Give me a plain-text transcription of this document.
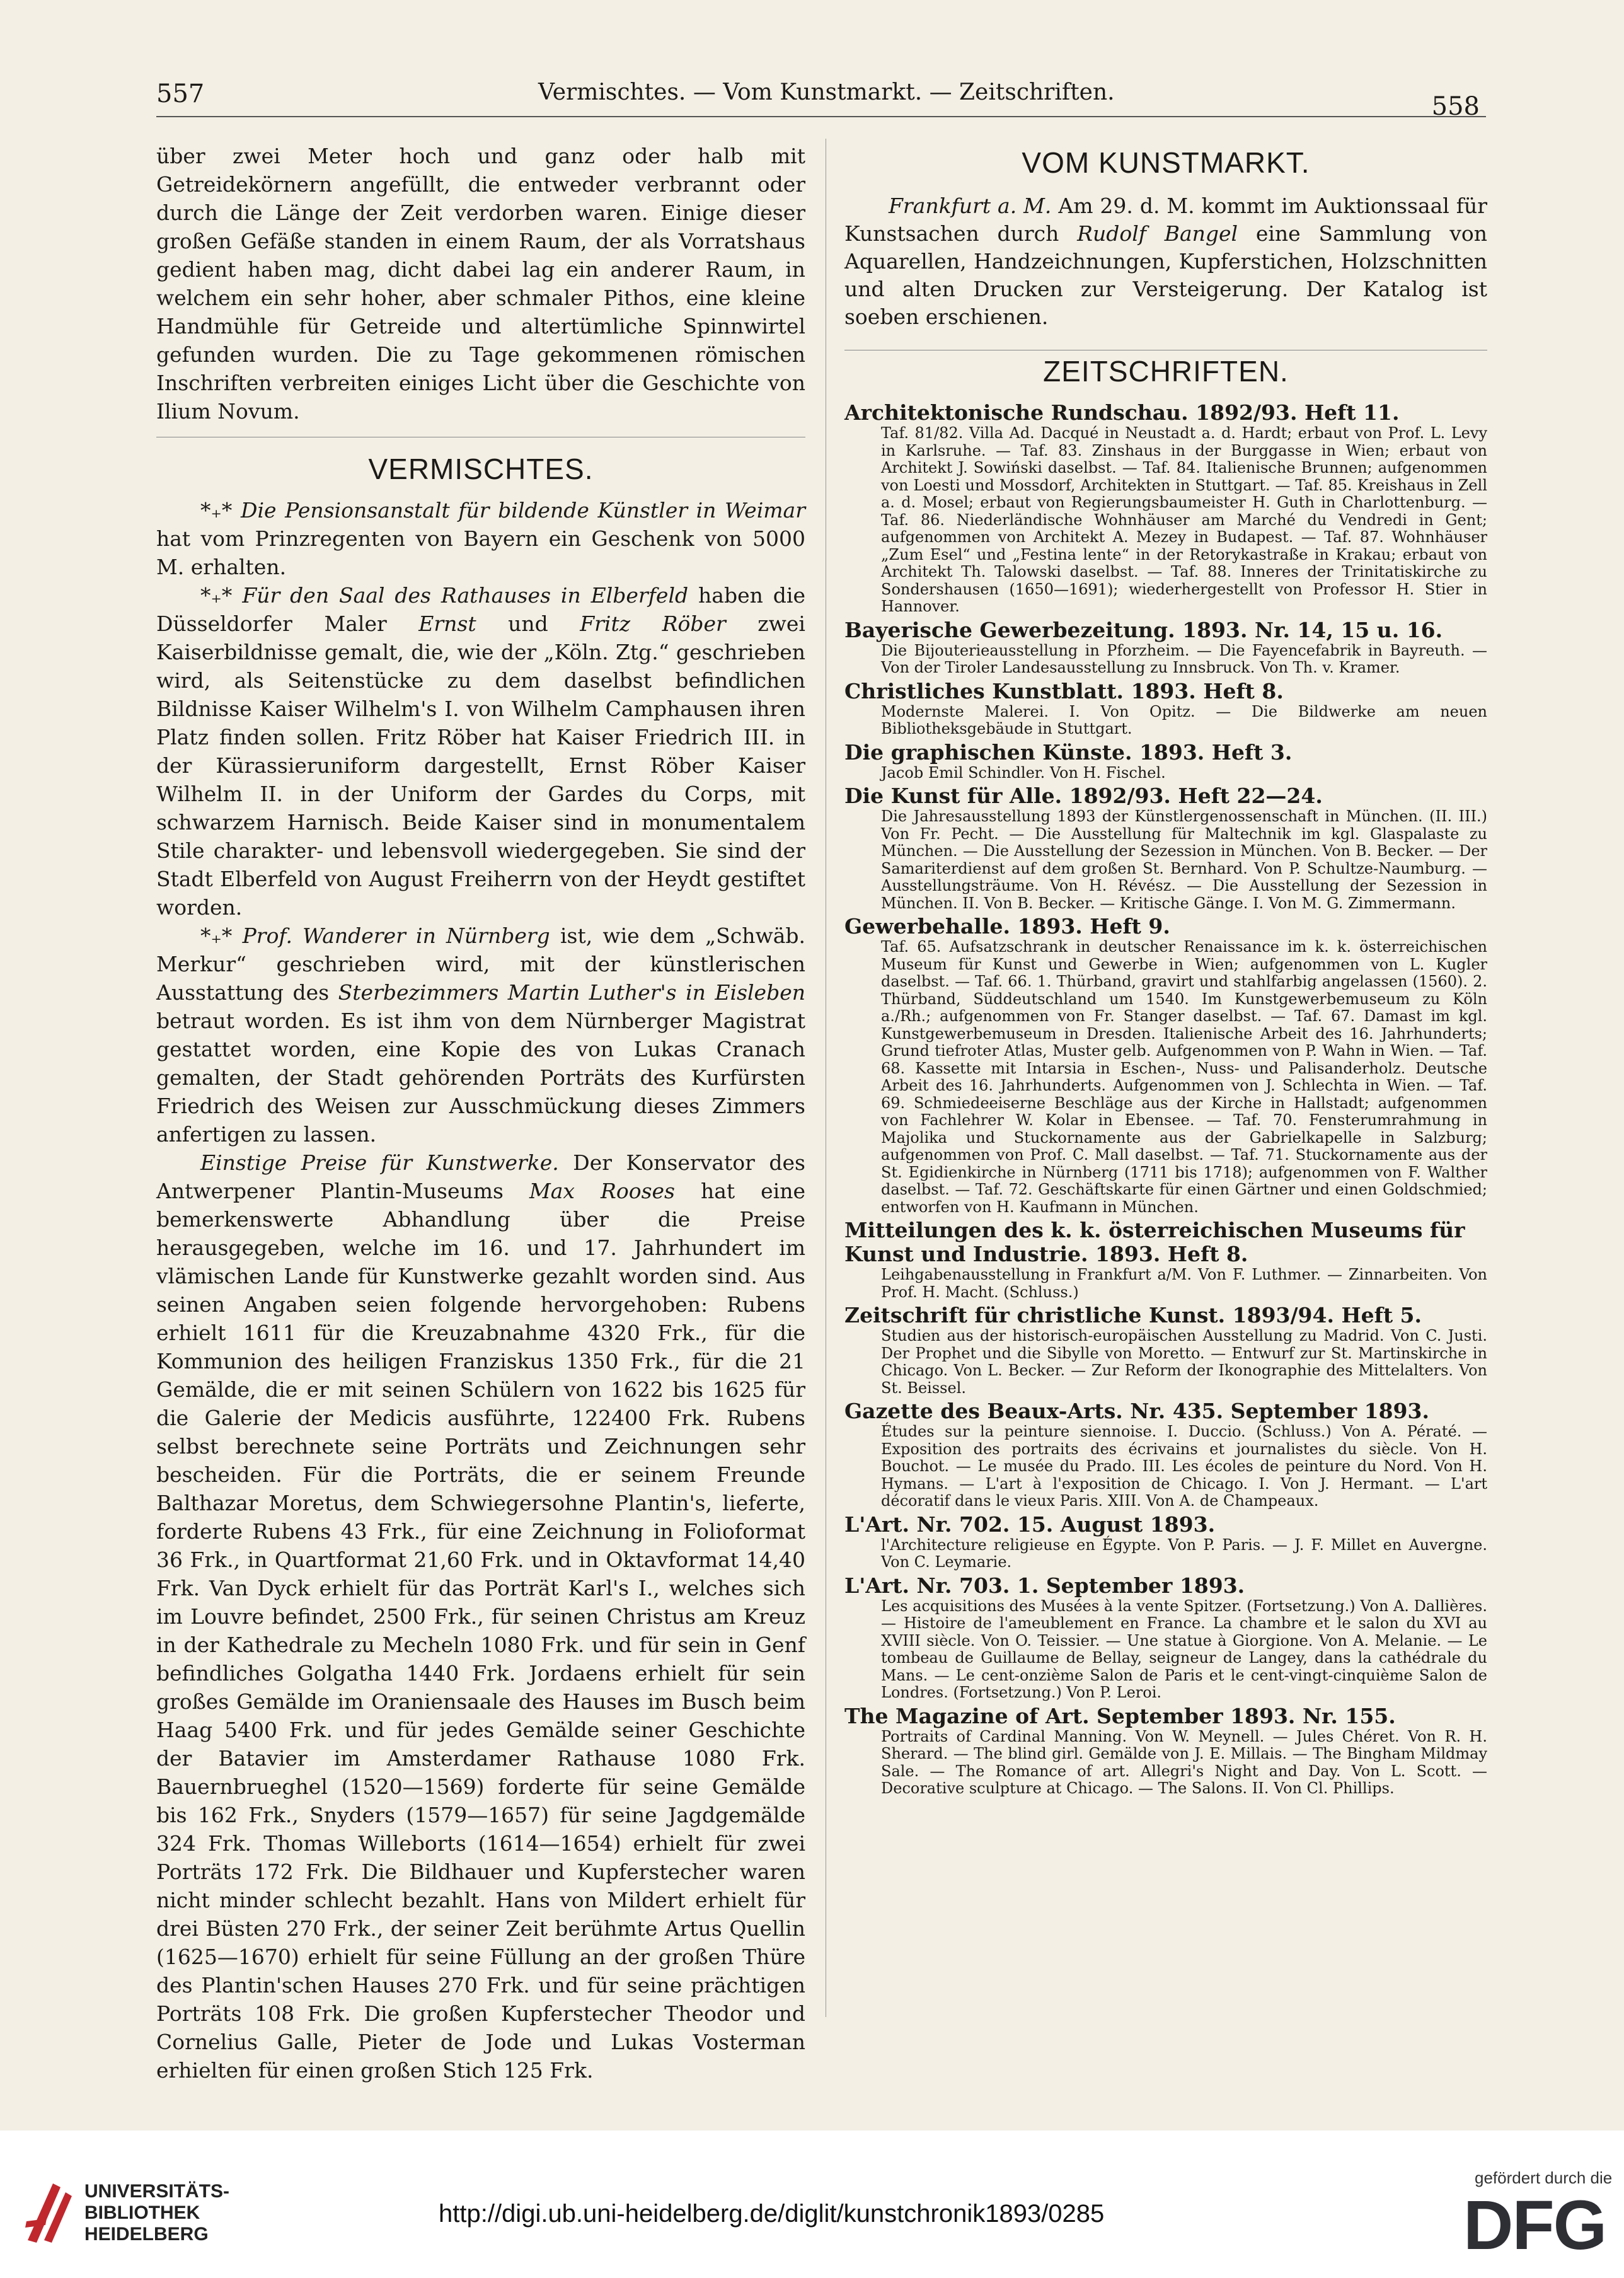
557	Vermischtes. — Vom Kunstmarkt. — Zeitschriften.	558

über zwei Meter hoch und ganz oder halb mit Getreidekörnern angefüllt, die entweder verbrannt oder durch die Länge der Zeit verdorben waren. Einige dieser großen Gefäße standen in einem Raum, der als Vorratshaus gedient haben mag, dicht dabei lag ein anderer Raum, in welchem ein sehr hoher, aber schmaler Pithos, eine kleine Handmühle für Getreide und altertümliche Spinnwirtel gefunden wurden. Die zu Tage gekommenen römischen Inschriften verbreiten einiges Licht über die Geschichte von Ilium Novum.

VERMISCHTES.

*₊* Die Pensionsanstalt für bildende Künstler in Weimar hat vom Prinzregenten von Bayern ein Geschenk von 5000 M. erhalten.

*₊* Für den Saal des Rathauses in Elberfeld haben die Düsseldorfer Maler Ernst und Fritz Röber zwei Kaiserbildnisse gemalt, die, wie der „Köln. Ztg.“ geschrieben wird, als Seitenstücke zu dem daselbst befindlichen Bildnisse Kaiser Wilhelm's I. von Wilhelm Camphausen ihren Platz finden sollen. Fritz Röber hat Kaiser Friedrich III. in der Kürassieruniform dargestellt, Ernst Röber Kaiser Wilhelm II. in der Uniform der Gardes du Corps, mit schwarzem Harnisch. Beide Kaiser sind in monumentalem Stile charakter- und lebensvoll wiedergegeben. Sie sind der Stadt Elberfeld von August Freiherrn von der Heydt gestiftet worden.

*₊* Prof. Wanderer in Nürnberg ist, wie dem „Schwäb. Merkur“ geschrieben wird, mit der künstlerischen Ausstattung des Sterbezimmers Martin Luther's in Eisleben betraut worden. Es ist ihm von dem Nürnberger Magistrat gestattet worden, eine Kopie des von Lukas Cranach gemalten, der Stadt gehörenden Porträts des Kurfürsten Friedrich des Weisen zur Ausschmückung dieses Zimmers anfertigen zu lassen.

Einstige Preise für Kunstwerke. Der Konservator des Antwerpener Plantin-Museums Max Rooses hat eine bemerkenswerte Abhandlung über die Preise herausgegeben, welche im 16. und 17. Jahrhundert im vlämischen Lande für Kunstwerke gezahlt worden sind. Aus seinen Angaben seien folgende hervorgehoben: Rubens erhielt 1611 für die Kreuzabnahme 4320 Frk., für die Kommunion des heiligen Franziskus 1350 Frk., für die 21 Gemälde, die er mit seinen Schülern von 1622 bis 1625 für die Galerie der Medicis ausführte, 122400 Frk. Rubens selbst berechnete seine Porträts und Zeichnungen sehr bescheiden. Für die Porträts, die er seinem Freunde Balthazar Moretus, dem Schwiegersohne Plantin's, lieferte, forderte Rubens 43 Frk., für eine Zeichnung in Folioformat 36 Frk., in Quartformat 21,60 Frk. und in Oktavformat 14,40 Frk. Van Dyck erhielt für das Porträt Karl's I., welches sich im Louvre befindet, 2500 Frk., für seinen Christus am Kreuz in der Kathedrale zu Mecheln 1080 Frk. und für sein in Genf befindliches Golgatha 1440 Frk. Jordaens erhielt für sein großes Gemälde im Oraniensaale des Hauses im Busch beim Haag 5400 Frk. und für jedes Gemälde seiner Geschichte der Batavier im Amsterdamer Rathause 1080 Frk. Bauernbrueghel (1520—1569) forderte für seine Gemälde bis 162 Frk., Snyders (1579—1657) für seine Jagdgemälde 324 Frk. Thomas Willeborts (1614—1654) erhielt für zwei Porträts 172 Frk. Die Bildhauer und Kupferstecher waren nicht minder schlecht bezahlt. Hans von Mildert erhielt für drei Büsten 270 Frk., der seiner Zeit berühmte Artus Quellin (1625—1670) erhielt für seine Füllung an der großen Thüre des Plantin'schen Hauses 270 Frk. und für seine prächtigen Porträts 108 Frk. Die großen Kupferstecher Theodor und Cornelius Galle, Pieter de Jode und Lukas Vosterman erhielten für einen großen Stich 125 Frk.

VOM KUNSTMARKT.

Frankfurt a. M. Am 29. d. M. kommt im Auktionssaal für Kunstsachen durch Rudolf Bangel eine Sammlung von Aquarellen, Handzeichnungen, Kupferstichen, Holzschnitten und alten Drucken zur Versteigerung. Der Katalog ist soeben erschienen.

ZEITSCHRIFTEN.

Architektonische Rundschau. 1892/93. Heft 11.

Taf. 81/82. Villa Ad. Dacqué in Neustadt a. d. Hardt; erbaut von Prof. L. Levy in Karlsruhe. — Taf. 83. Zinshaus in der Burggasse in Wien; erbaut von Architekt J. Sowiński daselbst. — Taf. 84. Italienische Brunnen; aufgenommen von Loesti und Mossdorf, Architekten in Stuttgart. — Taf. 85. Kreishaus in Zell a. d. Mosel; erbaut von Regierungsbaumeister H. Guth in Charlottenburg. — Taf. 86. Niederländische Wohnhäuser am Marché du Vendredi in Gent; aufgenommen von Architekt A. Mezey in Budapest. — Taf. 87. Wohnhäuser „Zum Esel“ und „Festina lente“ in der Retorykastraße in Krakau; erbaut von Architekt Th. Talowski daselbst. — Taf. 88. Inneres der Trinitatiskirche zu Sondershausen (1650—1691); wiederhergestellt von Professor H. Stier in Hannover.

Bayerische Gewerbezeitung. 1893. Nr. 14, 15 u. 16.

Die Bijouterieausstellung in Pforzheim. — Die Fayencefabrik in Bayreuth. — Von der Tiroler Landesausstellung zu Innsbruck. Von Th. v. Kramer.

Christliches Kunstblatt. 1893. Heft 8.

Modernste Malerei. I. Von Opitz. — Die Bildwerke am neuen Bibliotheksgebäude in Stuttgart.

Die graphischen Künste. 1893. Heft 3.

Jacob Emil Schindler. Von H. Fischel.

Die Kunst für Alle. 1892/93. Heft 22—24.

Die Jahresausstellung 1893 der Künstlergenossenschaft in München. (II. III.) Von Fr. Pecht. — Die Ausstellung für Maltechnik im kgl. Glaspalaste zu München. — Die Ausstellung der Sezession in München. Von B. Becker. — Der Samariterdienst auf dem großen St. Bernhard. Von P. Schultze-Naumburg. — Ausstellungsträume. Von H. Révész. — Die Ausstellung der Sezession in München. II. Von B. Becker. — Kritische Gänge. I. Von M. G. Zimmermann.

Gewerbehalle. 1893. Heft 9.

Taf. 65. Aufsatzschrank in deutscher Renaissance im k. k. österreichischen Museum für Kunst und Gewerbe in Wien; aufgenommen von L. Kugler daselbst. — Taf. 66. 1. Thürband, gravirt und stahlfarbig angelassen (1560). 2. Thürband, Süddeutschland um 1540. Im Kunstgewerbemuseum zu Köln a./Rh.; aufgenommen von Fr. Stanger daselbst. — Taf. 67. Damast im kgl. Kunstgewerbemuseum in Dresden. Italienische Arbeit des 16. Jahrhunderts; Grund tiefroter Atlas, Muster gelb. Aufgenommen von P. Wahn in Wien. — Taf. 68. Kassette mit Intarsia in Eschen-, Nuss- und Palisanderholz. Deutsche Arbeit des 16. Jahrhunderts. Aufgenommen von J. Schlechta in Wien. — Taf. 69. Schmiedeeiserne Beschläge aus der Kirche in Hallstadt; aufgenommen von Fachlehrer W. Kolar in Ebensee. — Taf. 70. Fensterumrahmung in Majolika und Stuckornamente aus der Gabrielkapelle in Salzburg; aufgenommen von Prof. C. Mall daselbst. — Taf. 71. Stuckornamente aus der St. Egidienkirche in Nürnberg (1711 bis 1718); aufgenommen von F. Walther daselbst. — Taf. 72. Geschäftskarte für einen Gärtner und einen Goldschmied; entworfen von H. Kaufmann in München.

Mitteilungen des k. k. österreichischen Museums für Kunst und Industrie. 1893. Heft 8.

Leihgabenausstellung in Frankfurt a/M. Von F. Luthmer. — Zinnarbeiten. Von Prof. H. Macht. (Schluss.)

Zeitschrift für christliche Kunst. 1893/94. Heft 5.

Studien aus der historisch-europäischen Ausstellung zu Madrid. Von C. Justi. Der Prophet und die Sibylle von Moretto. — Entwurf zur St. Martinskirche in Chicago. Von L. Becker. — Zur Reform der Ikonographie des Mittelalters. Von St. Beissel.

Gazette des Beaux-Arts. Nr. 435. September 1893.

Études sur la peinture siennoise. I. Duccio. (Schluss.) Von A. Pératé. — Exposition des portraits des écrivains et journalistes du siècle. Von H. Bouchot. — Le musée du Prado. III. Les écoles de peinture du Nord. Von H. Hymans. — L'art à l'exposition de Chicago. I. Von J. Hermant. — L'art décoratif dans le vieux Paris. XIII. Von A. de Champeaux.

L'Art. Nr. 702. 15. August 1893.

l'Architecture religieuse en Égypte. Von P. Paris. — J. F. Millet en Auvergne. Von C. Leymarie.

L'Art. Nr. 703. 1. September 1893.

Les acquisitions des Musées à la vente Spitzer. (Fortsetzung.) Von A. Dallières. — Histoire de l'ameublement en France. La chambre et le salon du XVI au XVIII siècle. Von O. Teissier. — Une statue à Giorgione. Von A. Melanie. — Le tombeau de Guillaume de Bellay, seigneur de Langey, dans la cathédrale du Mans. — Le cent-onzième Salon de Paris et le cent-vingt-cinquième Salon de Londres. (Fortsetzung.) Von P. Leroi.

The Magazine of Art. September 1893. Nr. 155.

Portraits of Cardinal Manning. Von W. Meynell. — Jules Chéret. Von R. H. Sherard. — The blind girl. Gemälde von J. E. Millais. — The Bingham Mildmay Sale. — The Romance of art. Allegri's Night and Day. Von L. Scott. — Decorative sculpture at Chicago. — The Salons. II. Von Cl. Phillips.

UNIVERSITÄTS-
BIBLIOTHEK
HEIDELBERG
http://digi.ub.uni-heidelberg.de/diglit/kunstchronik1893/0285
gefördert durch die
DFG
